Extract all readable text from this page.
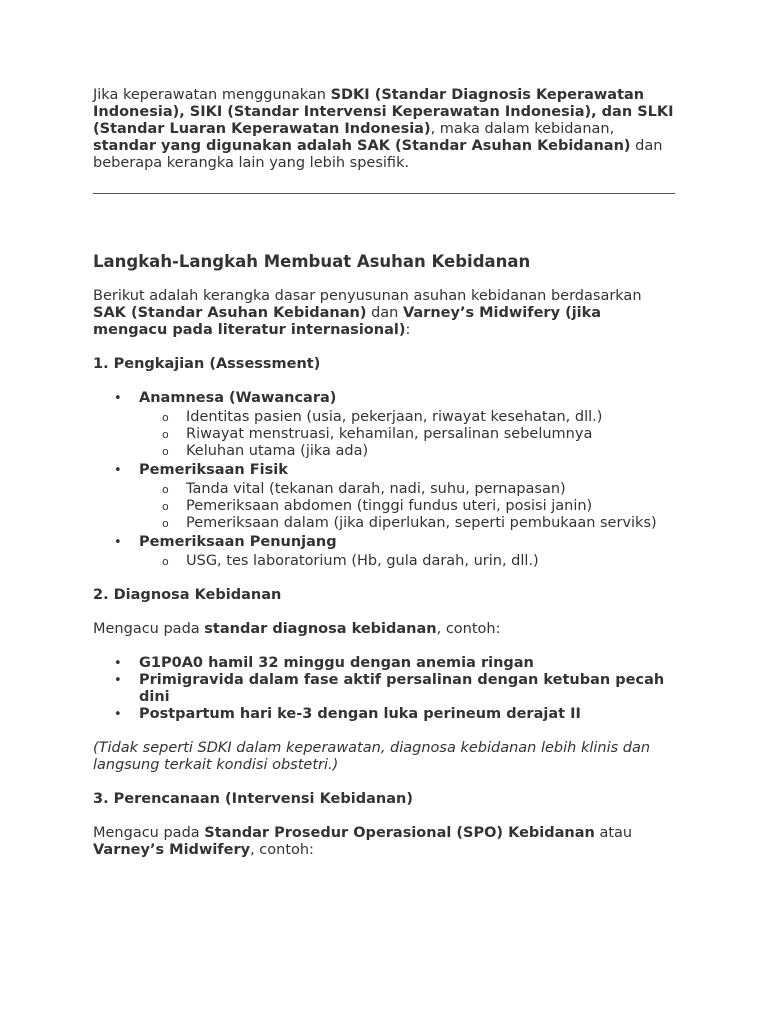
Jika keperawatan menggunakan SDKI (Standar Diagnosis Keperawatan Indonesia), SIKI (Standar Intervensi Keperawatan Indonesia), dan SLKI (Standar Luaran Keperawatan Indonesia), maka dalam kebidanan, standar yang digunakan adalah SAK (Standar Asuhan Kebidanan) dan beberapa kerangka lain yang lebih spesifik.

Langkah-Langkah Membuat Asuhan Kebidanan

Berikut adalah kerangka dasar penyusunan asuhan kebidanan berdasarkan SAK (Standar Asuhan Kebidanan) dan Varney’s Midwifery (jika mengacu pada literatur internasional):

1. Pengkajian (Assessment)

• Anamnesa (Wawancara)
o Identitas pasien (usia, pekerjaan, riwayat kesehatan, dll.)
o Riwayat menstruasi, kehamilan, persalinan sebelumnya
o Keluhan utama (jika ada)
• Pemeriksaan Fisik
o Tanda vital (tekanan darah, nadi, suhu, pernapasan)
o Pemeriksaan abdomen (tinggi fundus uteri, posisi janin)
o Pemeriksaan dalam (jika diperlukan, seperti pembukaan serviks)
• Pemeriksaan Penunjang
o USG, tes laboratorium (Hb, gula darah, urin, dll.)

2. Diagnosa Kebidanan

Mengacu pada standar diagnosa kebidanan, contoh:

• G1P0A0 hamil 32 minggu dengan anemia ringan
• Primigravida dalam fase aktif persalinan dengan ketuban pecah dini
• Postpartum hari ke-3 dengan luka perineum derajat II

(Tidak seperti SDKI dalam keperawatan, diagnosa kebidanan lebih klinis dan langsung terkait kondisi obstetri.)

3. Perencanaan (Intervensi Kebidanan)

Mengacu pada Standar Prosedur Operasional (SPO) Kebidanan atau Varney’s Midwifery, contoh:
